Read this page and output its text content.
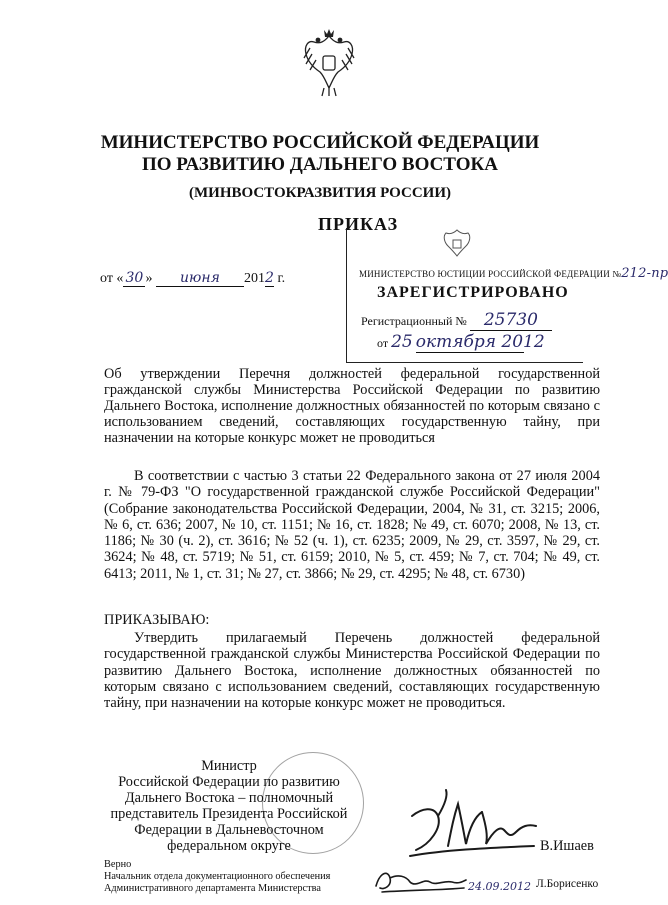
МИНИСТЕРСТВО РОССИЙСКОЙ ФЕДЕРАЦИИ
ПО РАЗВИТИЮ ДАЛЬНЕГО ВОСТОКА
(МИНВОСТОКРАЗВИТИЯ РОССИИ)
ПРИКАЗ
от « 30 » июня 2012 г.	МИНИСТЕРСТВО ЮСТИЦИИ РОССИЙСКОЙ ФЕДЕРАЦИИ №212-пр
ЗАРЕГИСТРИРОВАНО
Регистрационный № 25730
от 25 октября 2012
Об утверждении Перечня должностей федеральной государственной гражданской службы Министерства Российской Федерации по развитию Дальнего Востока, исполнение должностных обязанностей по которым связано с использованием сведений, составляющих государственную тайну, при назначении на которые конкурс может не проводиться
В соответствии с частью 3 статьи 22 Федерального закона от 27 июля 2004 г. № 79-ФЗ "О государственной гражданской службе Российской Федерации" (Собрание законодательства Российской Федерации, 2004, № 31, ст. 3215; 2006, № 6, ст. 636; 2007, № 10, ст. 1151; № 16, ст. 1828; № 49, ст. 6070; 2008, № 13, ст. 1186; № 30 (ч. 2), ст. 3616; № 52 (ч. 1), ст. 6235; 2009, № 29, ст. 3597, № 29, ст. 3624; № 48, ст. 5719; № 51, ст. 6159; 2010, № 5, ст. 459; № 7, ст. 704; № 49, ст. 6413; 2011, № 1, ст. 31; № 27, ст. 3866; № 29, ст. 4295; № 48, ст. 6730)
ПРИКАЗЫВАЮ:
Утвердить прилагаемый Перечень должностей федеральной государственной гражданской службы Министерства Российской Федерации по развитию Дальнего Востока, исполнение должностных обязанностей по которым связано с использованием сведений, составляющих государственную тайну, при назначении на которые конкурс может не проводиться.
Министр
Российской Федерации по развитию
Дальнего Востока – полномочный
представитель Президента Российской
Федерации в Дальневосточном
федеральном округе	В.Ишаев
Верно
Начальник отдела документационного обеспечения
Административного департамента Министерства	24.09.2012 Л.Борисенко
